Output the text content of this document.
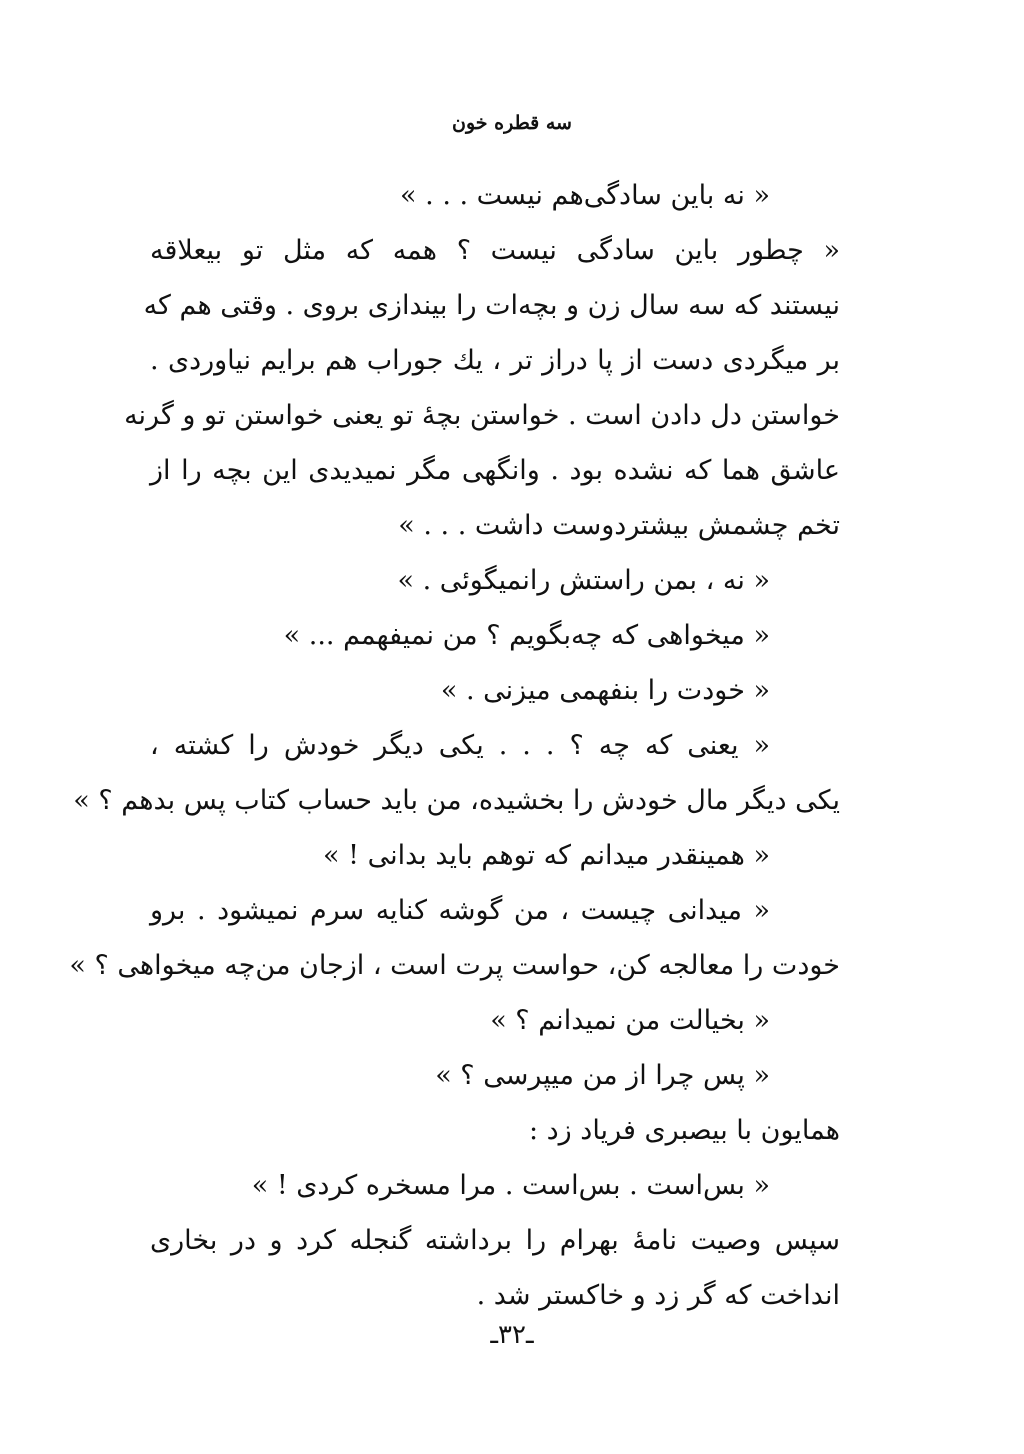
سه قطره خون
« نه باین سادگی‌هم نیست . . . »
« چطور باین سادگی نیست ؟ همه که مثل تو بیعلاقه
نیستند که سه سال زن و بچه‌ات را بیندازی بروی . وقتی هم که
بر میگردی دست از پا دراز تر ، یك جوراب هم برایم نیاوردی .
خواستن دل دادن است . خواستن بچهٔ تو یعنی خواستن تو و گرنه
عاشق هما که نشده بود . وانگهی مگر نمیدیدی این بچه را از
تخم چشمش بیشتردوست داشت . . . »
« نه ، بمن راستش رانمیگوئی . »
« میخواهی که چه‌بگویم ؟ من نمیفهمم ... »
« خودت را بنفهمی میزنی . »
« یعنی که چه ؟ . . . یکی دیگر خودش را کشته ،
یکی دیگر مال خودش را بخشیده، من باید حساب کتاب پس بدهم ؟ »
« همینقدر میدانم که توهم باید بدانی ! »
« میدانی چیست ، من گوشه کنایه سرم نمیشود . برو
خودت را معالجه کن، حواست پرت است ، ازجان من‌چه میخواهی ؟ »
« بخیالت من نمیدانم ؟ »
« پس چرا از من میپرسی ؟ »
همایون با بیصبری فریاد زد :
« بس‌است . بس‌است . مرا مسخره کردی ! »
سپس وصیت نامهٔ بهرام را برداشته گنجله کرد و در بخاری
انداخت که گر زد و خاکستر شد .
ـ۳۲ـ
